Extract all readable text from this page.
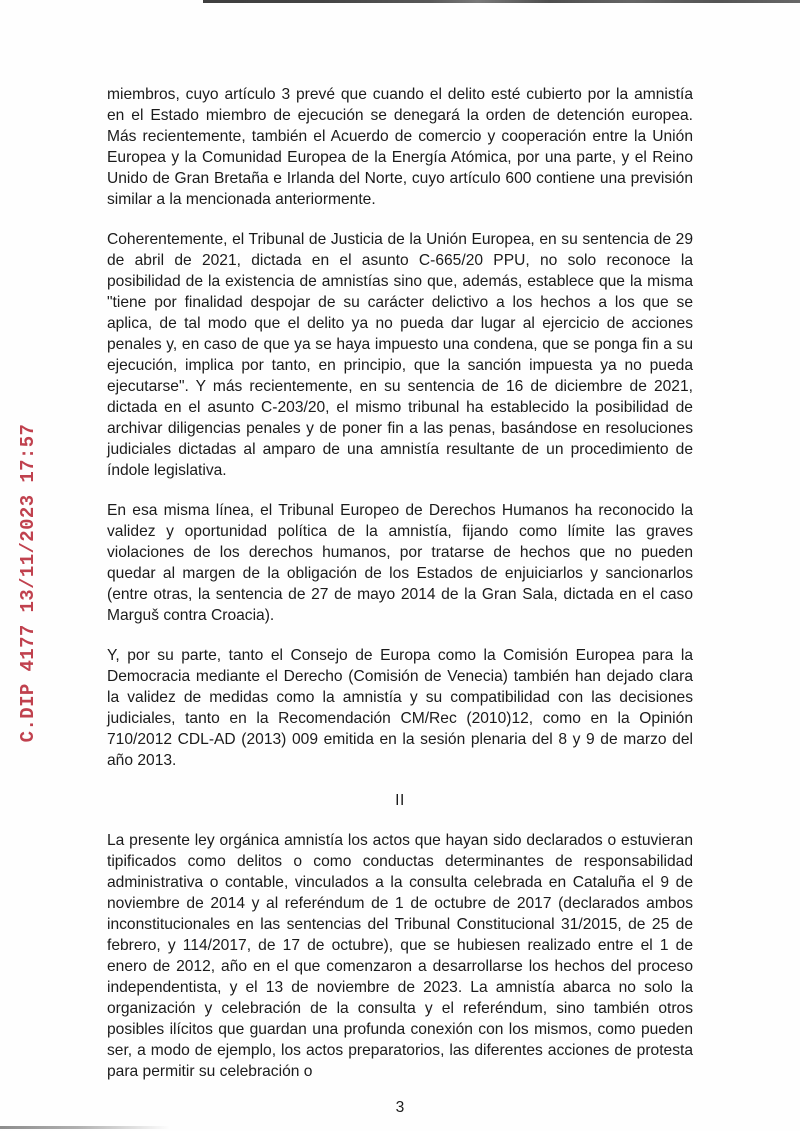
C.DIP 4177 13/11/2023 17:57

miembros, cuyo artículo 3 prevé que cuando el delito esté cubierto por la amnistía en el Estado miembro de ejecución se denegará la orden de detención europea. Más recientemente, también el Acuerdo de comercio y cooperación entre la Unión Europea y la Comunidad Europea de la Energía Atómica, por una parte, y el Reino Unido de Gran Bretaña e Irlanda del Norte, cuyo artículo 600 contiene una previsión similar a la mencionada anteriormente.

Coherentemente, el Tribunal de Justicia de la Unión Europea, en su sentencia de 29 de abril de 2021, dictada en el asunto C-665/20 PPU, no solo reconoce la posibilidad de la existencia de amnistías sino que, además, establece que la misma "tiene por finalidad despojar de su carácter delictivo a los hechos a los que se aplica, de tal modo que el delito ya no pueda dar lugar al ejercicio de acciones penales y, en caso de que ya se haya impuesto una condena, que se ponga fin a su ejecución, implica por tanto, en principio, que la sanción impuesta ya no pueda ejecutarse". Y más recientemente, en su sentencia de 16 de diciembre de 2021, dictada en el asunto C-203/20, el mismo tribunal ha establecido la posibilidad de archivar diligencias penales y de poner fin a las penas, basándose en resoluciones judiciales dictadas al amparo de una amnistía resultante de un procedimiento de índole legislativa.

En esa misma línea, el Tribunal Europeo de Derechos Humanos ha reconocido la validez y oportunidad política de la amnistía, fijando como límite las graves violaciones de los derechos humanos, por tratarse de hechos que no pueden quedar al margen de la obligación de los Estados de enjuiciarlos y sancionarlos (entre otras, la sentencia de 27 de mayo 2014 de la Gran Sala, dictada en el caso Marguš contra Croacia).

Y, por su parte, tanto el Consejo de Europa como la Comisión Europea para la Democracia mediante el Derecho (Comisión de Venecia) también han dejado clara la validez de medidas como la amnistía y su compatibilidad con las decisiones judiciales, tanto en la Recomendación CM/Rec (2010)12, como en la Opinión 710/2012 CDL-AD (2013) 009 emitida en la sesión plenaria del 8 y 9 de marzo del año 2013.

II

La presente ley orgánica amnistía los actos que hayan sido declarados o estuvieran tipificados como delitos o como conductas determinantes de responsabilidad administrativa o contable, vinculados a la consulta celebrada en Cataluña el 9 de noviembre de 2014 y al referéndum de 1 de octubre de 2017 (declarados ambos inconstitucionales en las sentencias del Tribunal Constitucional 31/2015, de 25 de febrero, y 114/2017, de 17 de octubre), que se hubiesen realizado entre el 1 de enero de 2012, año en el que comenzaron a desarrollarse los hechos del proceso independentista, y el 13 de noviembre de 2023. La amnistía abarca no solo la organización y celebración de la consulta y el referéndum, sino también otros posibles ilícitos que guardan una profunda conexión con los mismos, como pueden ser, a modo de ejemplo, los actos preparatorios, las diferentes acciones de protesta para permitir su celebración o

3
